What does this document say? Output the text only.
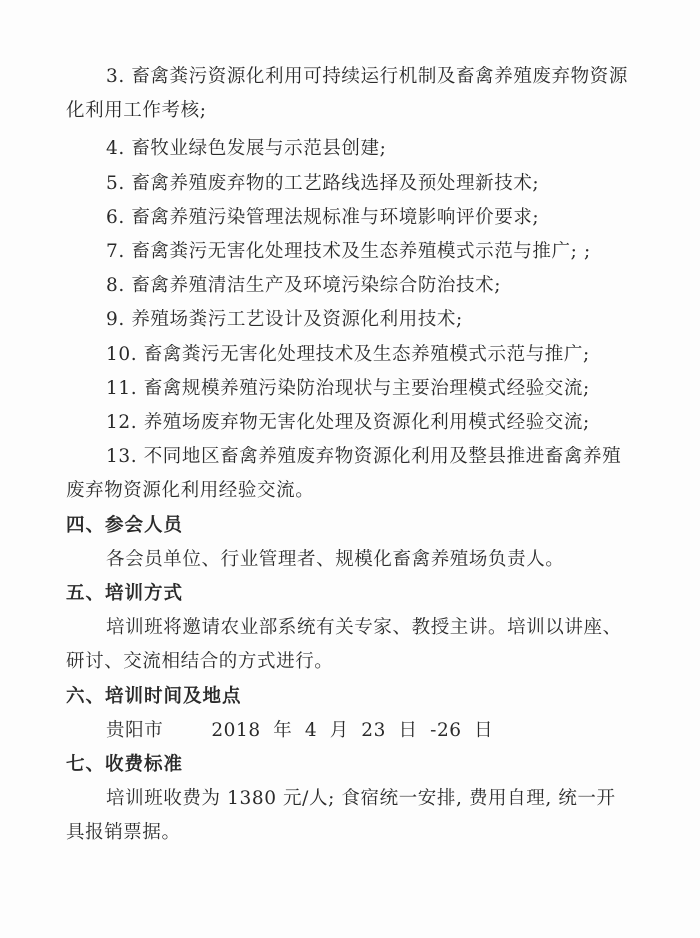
3. 畜禽粪污资源化利用可持续运行机制及畜禽养殖废弃物资源
化利用工作考核;
4. 畜牧业绿色发展与示范县创建;
5. 畜禽养殖废弃物的工艺路线选择及预处理新技术;
6. 畜禽养殖污染管理法规标准与环境影响评价要求;
7. 畜禽粪污无害化处理技术及生态养殖模式示范与推广; ;
8. 畜禽养殖清洁生产及环境污染综合防治技术;
9. 养殖场粪污工艺设计及资源化利用技术;
10. 畜禽粪污无害化处理技术及生态养殖模式示范与推广;
11. 畜禽规模养殖污染防治现状与主要治理模式经验交流;
12. 养殖场废弃物无害化处理及资源化利用模式经验交流;
13. 不同地区畜禽养殖废弃物资源化利用及整县推进畜禽养殖
废弃物资源化利用经验交流。
四、参会人员
各会员单位、行业管理者、规模化畜禽养殖场负责人。
五、培训方式
培训班将邀请农业部系统有关专家、教授主讲。培训以讲座、
研讨、交流相结合的方式进行。
六、培训时间及地点
贵阳市	2018 年 4 月 23 日 -26 日
七、收费标准
培训班收费为 1380 元/人; 食宿统一安排, 费用自理, 统一开
具报销票据。
